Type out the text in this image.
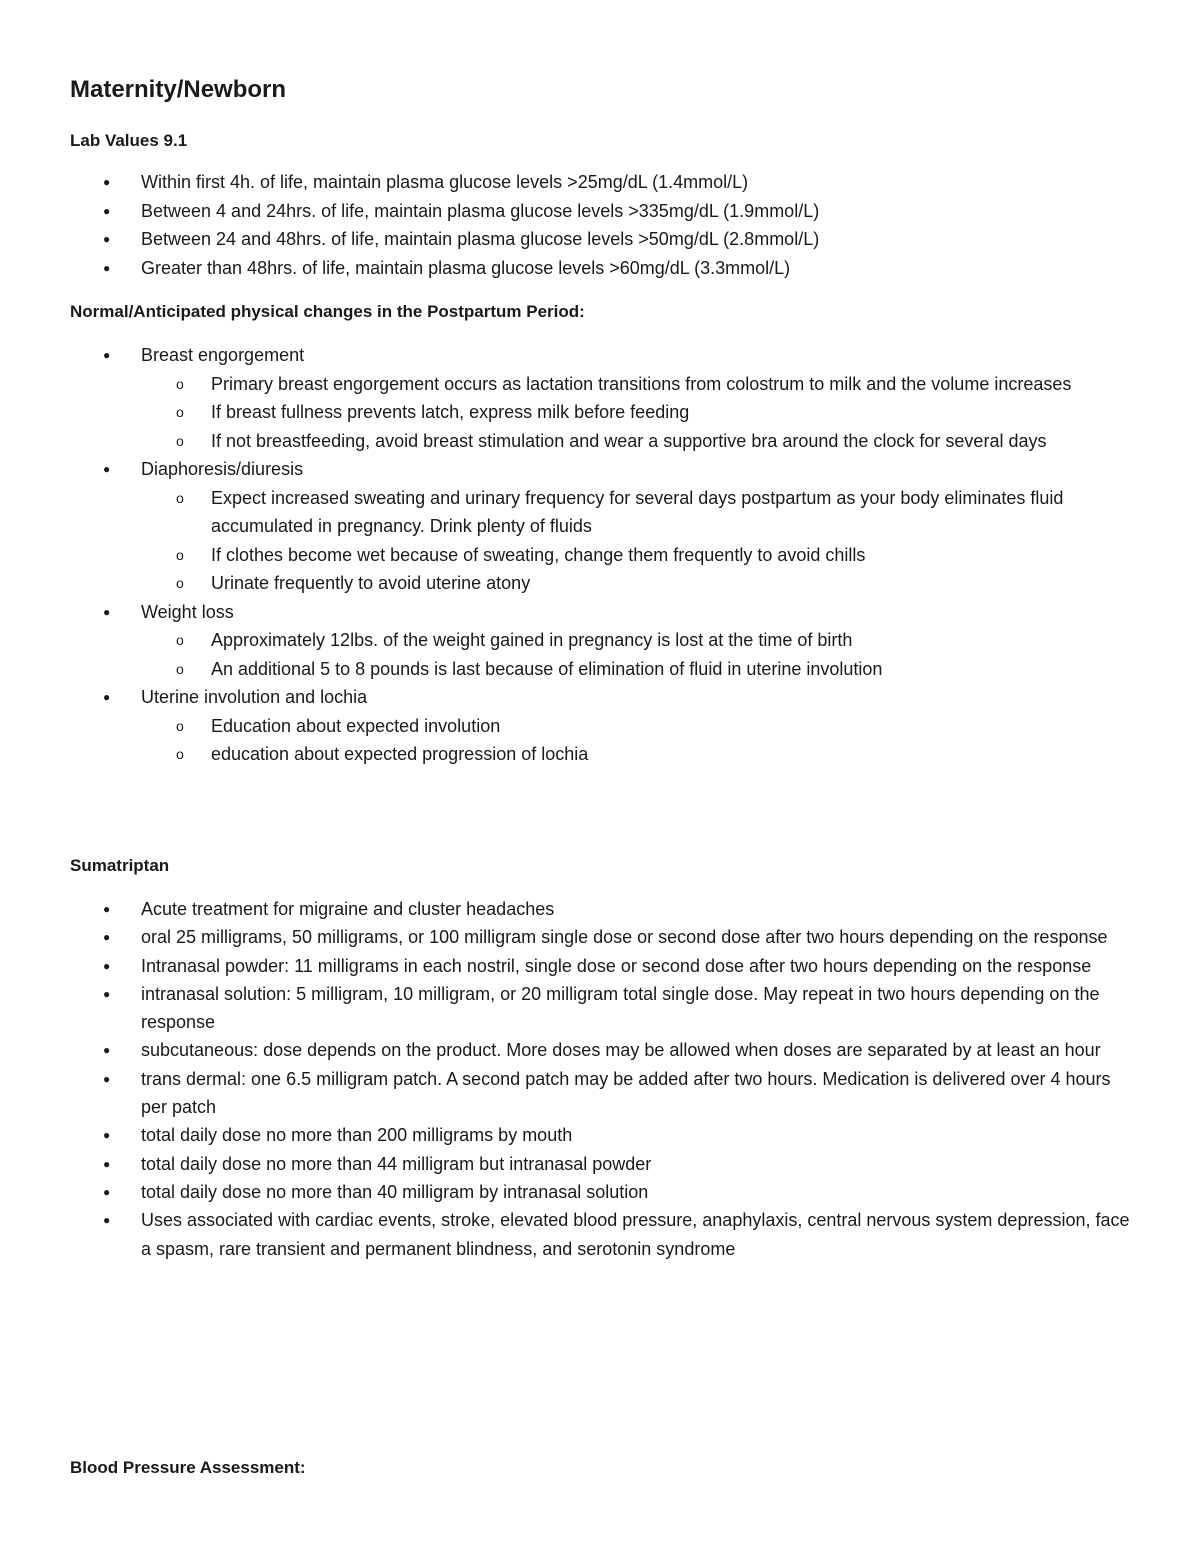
Maternity/Newborn
Lab Values 9.1
● Within first 4h. of life, maintain plasma glucose levels >25mg/dL (1.4mmol/L)
● Between 4 and 24hrs. of life, maintain plasma glucose levels >335mg/dL (1.9mmol/L)
● Between 24 and 48hrs. of life, maintain plasma glucose levels >50mg/dL (2.8mmol/L)
● Greater than 48hrs. of life, maintain plasma glucose levels >60mg/dL (3.3mmol/L)
Normal/Anticipated physical changes in the Postpartum Period:
● Breast engorgement
o Primary breast engorgement occurs as lactation transitions from colostrum to milk and the volume increases
o If breast fullness prevents latch, express milk before feeding
o If not breastfeeding, avoid breast stimulation and wear a supportive bra around the clock for several days
● Diaphoresis/diuresis
o Expect increased sweating and urinary frequency for several days postpartum as your body eliminates fluid accumulated in pregnancy. Drink plenty of fluids
o If clothes become wet because of sweating, change them frequently to avoid chills
o Urinate frequently to avoid uterine atony
● Weight loss
o Approximately 12lbs. of the weight gained in pregnancy is lost at the time of birth
o An additional 5 to 8 pounds is last because of elimination of fluid in uterine involution
● Uterine involution and lochia
o Education about expected involution
o education about expected progression of lochia
Sumatriptan
● Acute treatment for migraine and cluster headaches
● oral 25 milligrams, 50 milligrams, or 100 milligram single dose or second dose after two hours depending on the response
● Intranasal powder: 11 milligrams in each nostril, single dose or second dose after two hours depending on the response
● intranasal solution: 5 milligram, 10 milligram, or 20 milligram total single dose. May repeat in two hours depending on the response
● subcutaneous: dose depends on the product. More doses may be allowed when doses are separated by at least an hour
● trans dermal: one 6.5 milligram patch. A second patch may be added after two hours. Medication is delivered over 4 hours per patch
● total daily dose no more than 200 milligrams by mouth
● total daily dose no more than 44 milligram but intranasal powder
● total daily dose no more than 40 milligram by intranasal solution
● Uses associated with cardiac events, stroke, elevated blood pressure, anaphylaxis, central nervous system depression, face a spasm, rare transient and permanent blindness, and serotonin syndrome
Blood Pressure Assessment:
